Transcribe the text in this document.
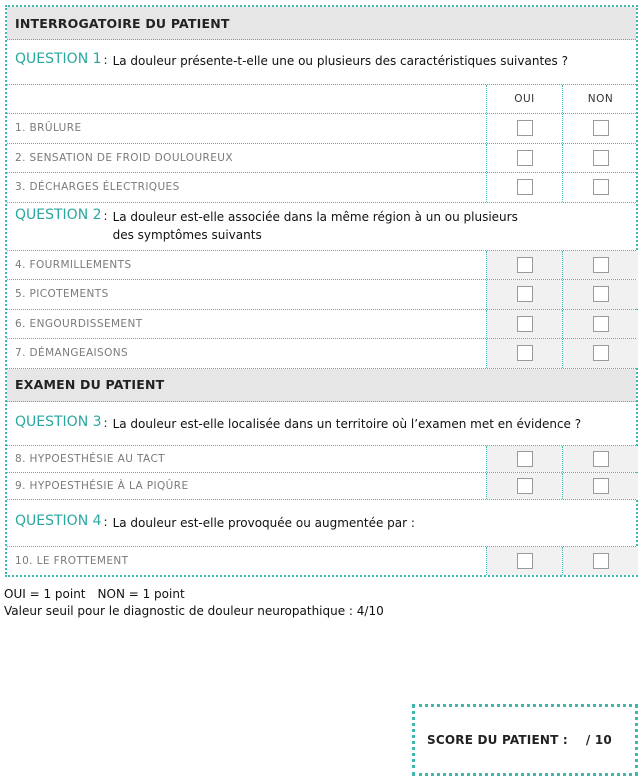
INTERROGATOIRE DU PATIENT
QUESTION 1 : La douleur présente-t-elle une ou plusieurs des caractéristiques suivantes ?
OUI	NON
1. BRÛLURE
2. SENSATION DE FROID DOULOUREUX
3. DÉCHARGES ÉLECTRIQUES
QUESTION 2 : La douleur est-elle associée dans la même région à un ou plusieurs
des symptômes suivants
4. FOURMILLEMENTS
5. PICOTEMENTS
6. ENGOURDISSEMENT
7. DÉMANGEAISONS
EXAMEN DU PATIENT
QUESTION 3 : La douleur est-elle localisée dans un territoire où l’examen met en évidence ?
8. HYPOESTHÉSIE AU TACT
9. HYPOESTHÉSIE À LA PIQÛRE
QUESTION 4 : La douleur est-elle provoquée ou augmentée par :
10. LE FROTTEMENT
OUI = 1 point NON = 1 point
Valeur seuil pour le diagnostic de douleur neuropathique : 4/10
SCORE DU PATIENT : / 10
